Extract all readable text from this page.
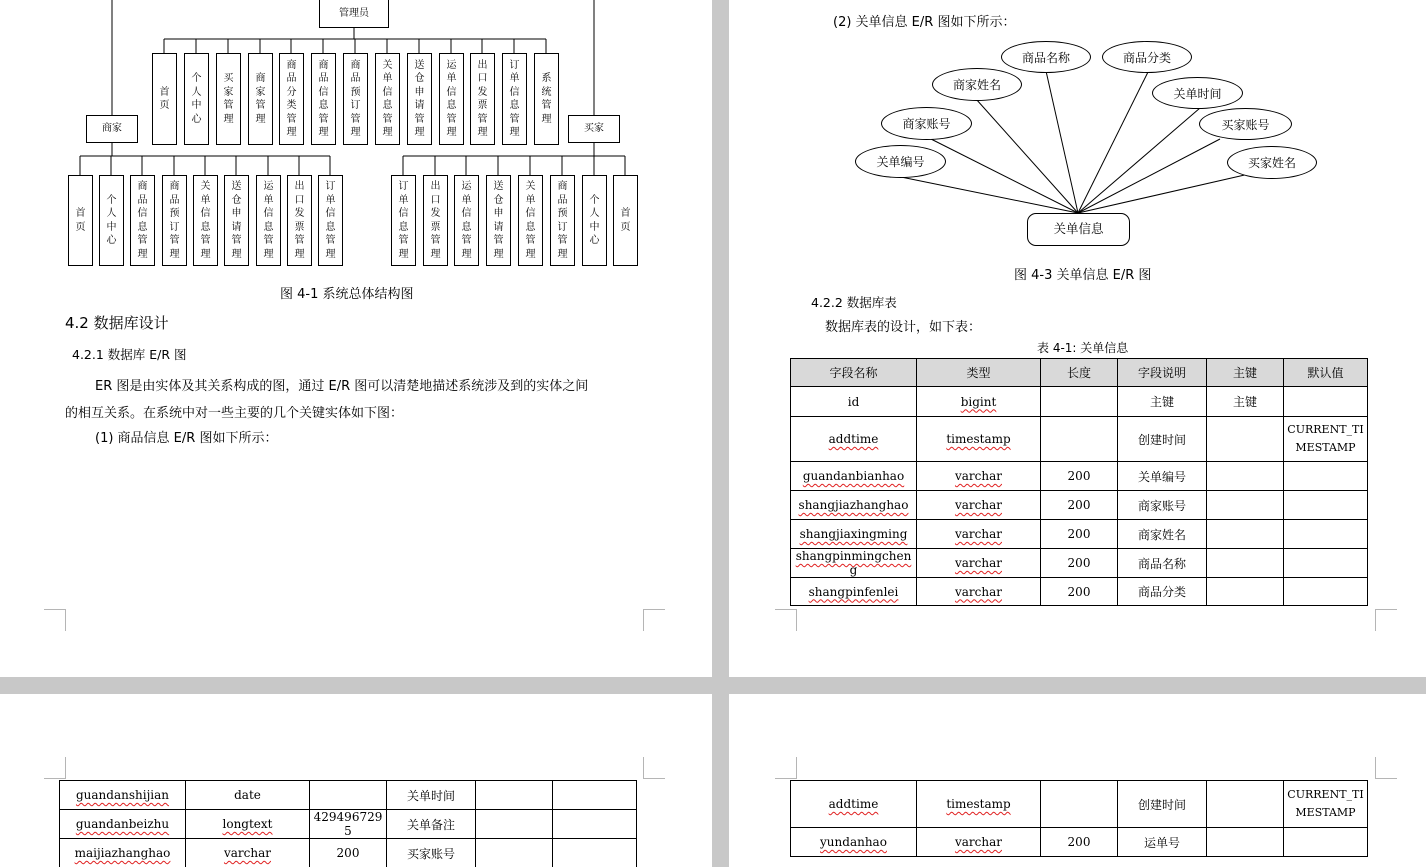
管理员
商家	买家
首页
个人中心
买家管理
商家管理
商品分类管理
商品信息管理
商品预订管理
关单信息管理
送仓申请管理
运单信息管理
出口发票管理
订单信息管理
系统管理
首页
个人中心
商品信息管理
商品预订管理
关单信息管理
送仓申请管理
运单信息管理
出口发票管理
订单信息管理
订单信息管理
出口发票管理
运单信息管理
送仓申请管理
关单信息管理
商品预订管理
个人中心
首页
图 4-1 系统总体结构图
4.2 数据库设计
4.2.1 数据库 E/R 图
ER 图是由实体及其关系构成的图，通过 E/R 图可以清楚地描述系统涉及到的实体之间
的相互关系。在系统中对一些主要的几个关键实体如下图：
(1) 商品信息 E/R 图如下所示：
(2) 关单信息 E/R 图如下所示：
商品名称	商品分类
商家姓名
关单时间
商家账号	买家账号
关单编号	买家姓名
关单信息
图 4-3 关单信息 E/R 图
4.2.2 数据库表
数据库表的设计，如下表：
表 4-1: 关单信息
字段名称	类型	长度	字段说明	主键	默认值
id	bigint		主键	主键	
addtime	timestamp		创建时间		CURRENT_TIMESTAMP
guandanbianhao	varchar	200	关单编号		
shangjiazhanghao	varchar	200	商家账号		
shangjiaxingming	varchar	200	商家姓名		
shangpinmingcheng	varchar	200	商品名称		
shangpinfenlei	varchar	200	商品分类		
guandanshijian	date		关单时间		
guandanbeizhu	longtext	4294967295	关单备注		
maijiazhanghao	varchar	200	买家账号		
addtime	timestamp		创建时间		CURRENT_TIMESTAMP
yundanhao	varchar	200	运单号		
